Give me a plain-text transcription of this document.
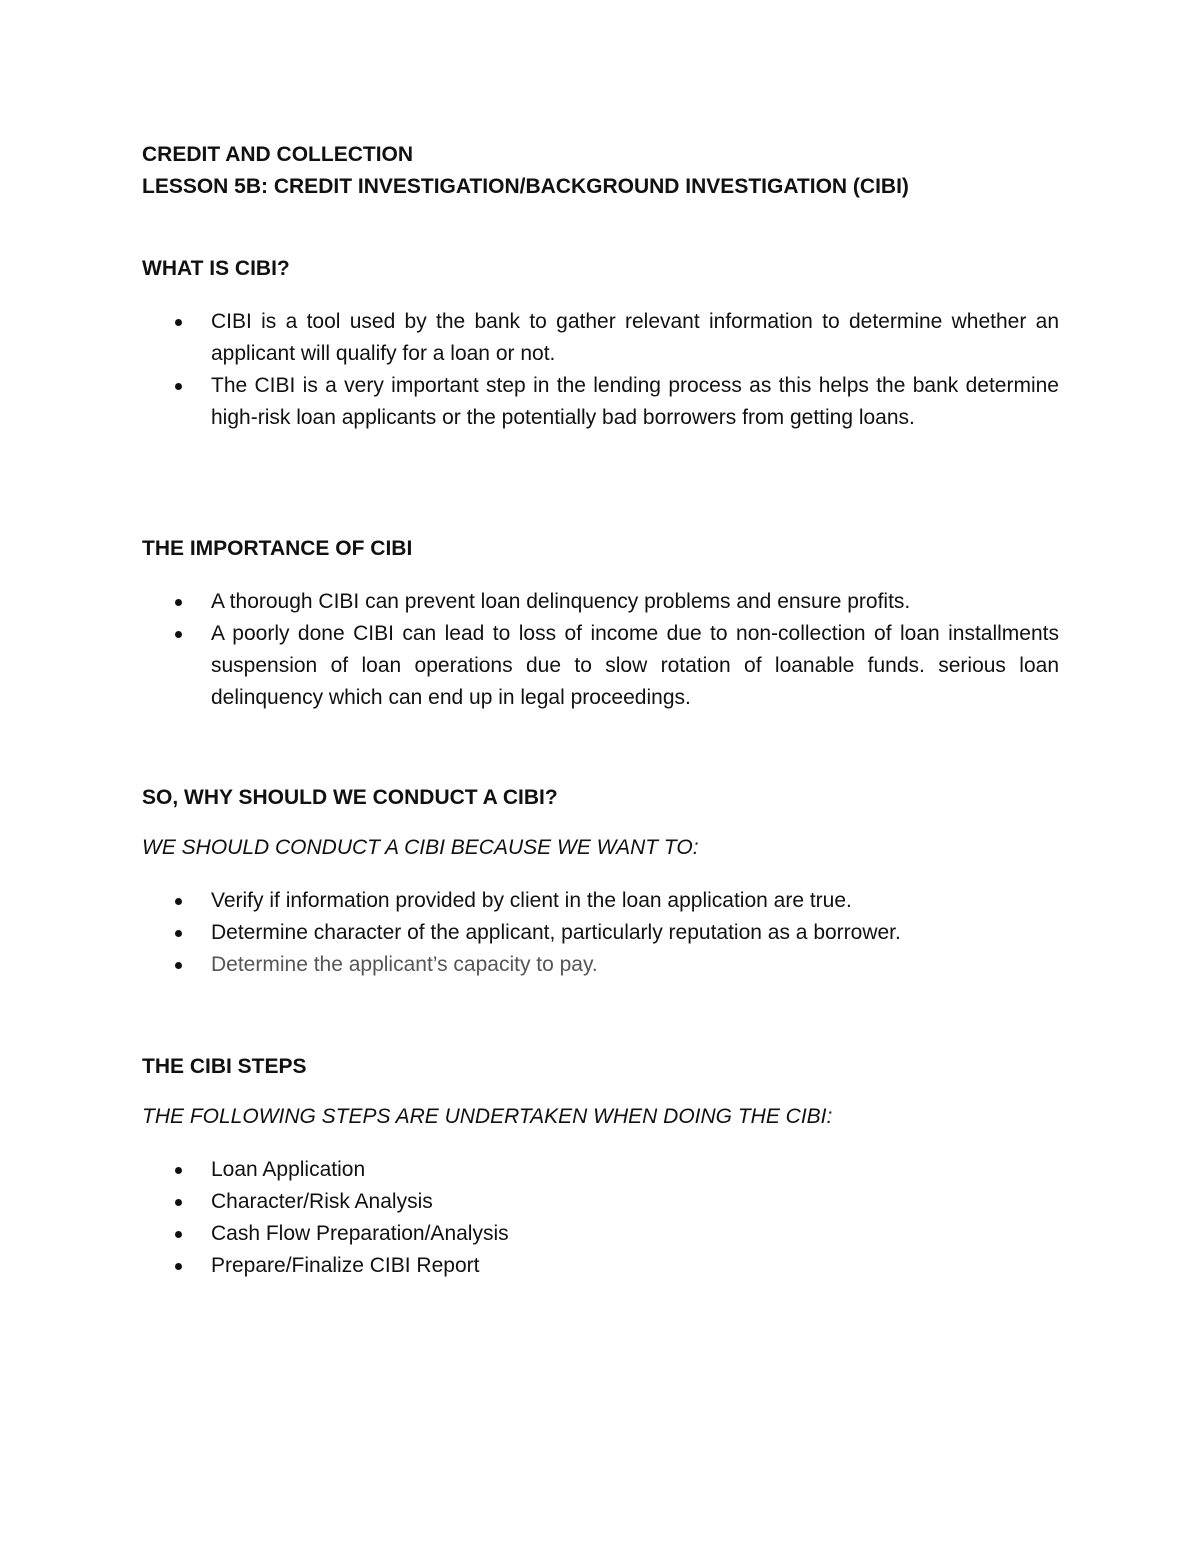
CREDIT AND COLLECTION
LESSON 5B: CREDIT INVESTIGATION/BACKGROUND INVESTIGATION (CIBI)
WHAT IS CIBI?
CIBI is a tool used by the bank to gather relevant information to determine whether an applicant will qualify for a loan or not.
The CIBI is a very important step in the lending process as this helps the bank determine high-risk loan applicants or the potentially bad borrowers from getting loans.
THE IMPORTANCE OF CIBI
A thorough CIBI can prevent loan delinquency problems and ensure profits.
A poorly done CIBI can lead to loss of income due to non-collection of loan installments suspension of loan operations due to slow rotation of loanable funds. serious loan delinquency which can end up in legal proceedings.
SO, WHY SHOULD WE CONDUCT A CIBI?

WE SHOULD CONDUCT A CIBI BECAUSE WE WANT TO:

Verify if information provided by client in the loan application are true.
Determine character of the applicant, particularly reputation as a borrower.
Determine the applicant’s capacity to pay.
THE CIBI STEPS

THE FOLLOWING STEPS ARE UNDERTAKEN WHEN DOING THE CIBI:

Loan Application
Character/Risk Analysis
Cash Flow Preparation/Analysis
Prepare/Finalize CIBI Report
